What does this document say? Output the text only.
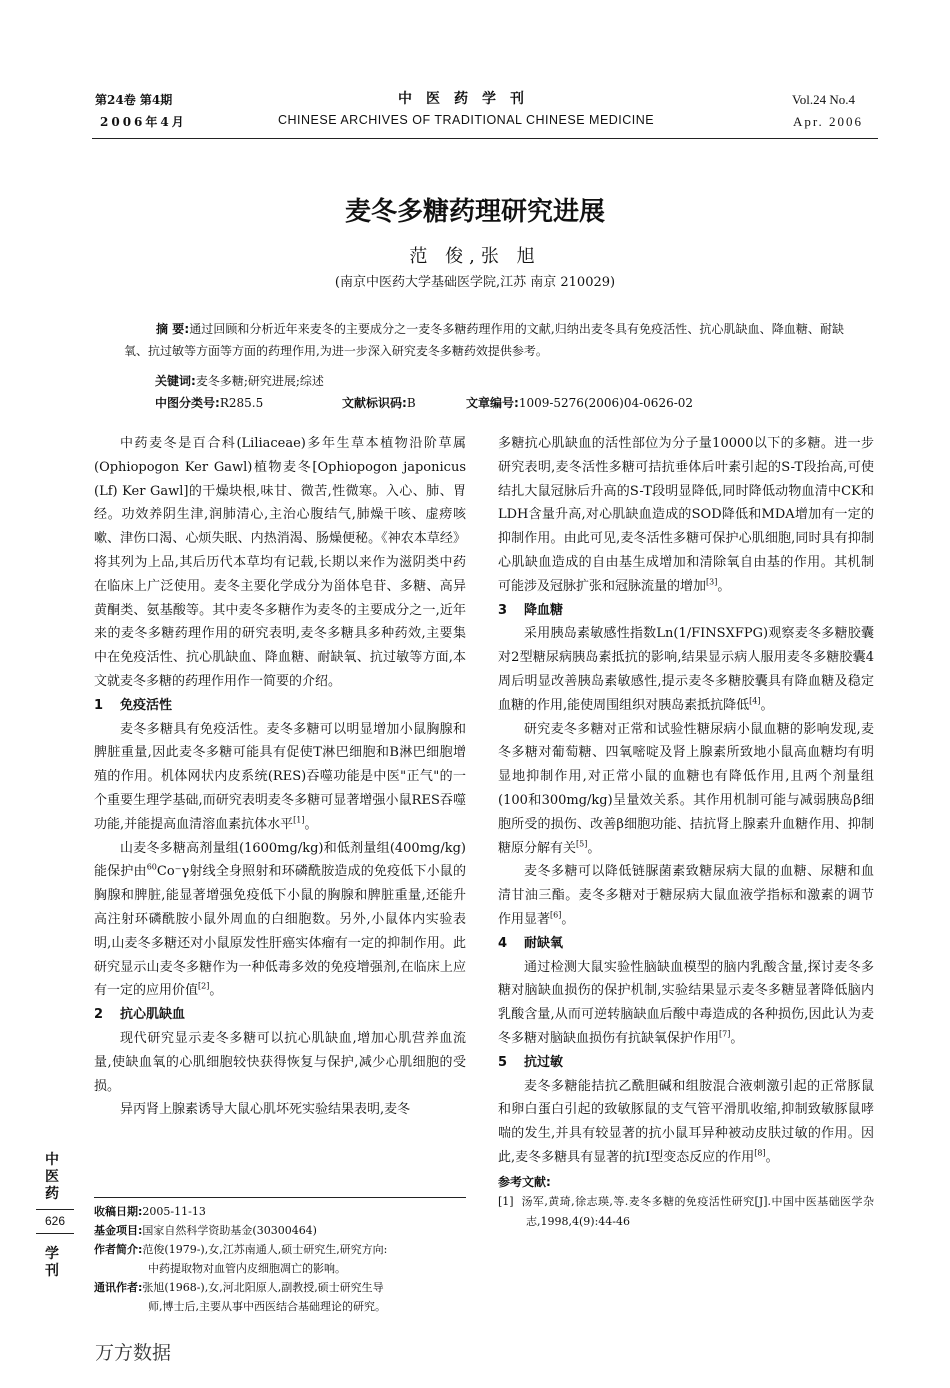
第24卷 第4期
2006年4月
中医药学刊
CHINESE ARCHIVES OF TRADITIONAL CHINESE MEDICINE
Vol.24 No.4
Apr. 2006
麦冬多糖药理研究进展
范 俊,张 旭
(南京中医药大学基础医学院,江苏 南京 210029)
摘 要:通过回顾和分析近年来麦冬的主要成分之一麦冬多糖药理作用的文献,归纳出麦冬具有免疫活性、抗心肌缺血、降血糖、耐缺氧、抗过敏等方面等方面的药理作用,为进一步深入研究麦冬多糖药效提供参考。
关键词:麦冬多糖;研究进展;综述
中图分类号:R285.5	文献标识码:B	文章编号:1009-5276(2006)04-0626-02

中药麦冬是百合科(Liliaceae)多年生草本植物沿阶草属(Ophiopogon Ker Gawl)植物麦冬[Ophiopogon japonicus (Lf) Ker Gawl]的干燥块根,味甘、微苦,性微寒。入心、肺、胃经。功效养阴生津,润肺清心,主治心腹结气,肺燥干咳、虚痨咳嗽、津伤口渴、心烦失眠、内热消渴、肠燥便秘。《神农本草经》将其列为上品,其后历代本草均有记载,长期以来作为滋阴类中药在临床上广泛使用。麦冬主要化学成分为甾体皂苷、多糖、高异黄酮类、氨基酸等。其中麦冬多糖作为麦冬的主要成分之一,近年来的麦冬多糖药理作用的研究表明,麦冬多糖具多种药效,主要集中在免疫活性、抗心肌缺血、降血糖、耐缺氧、抗过敏等方面,本文就麦冬多糖的药理作用作一简要的介绍。

1 免疫活性

麦冬多糖具有免疫活性。麦冬多糖可以明显增加小鼠胸腺和脾脏重量,因此麦冬多糖可能具有促使T淋巴细胞和B淋巴细胞增殖的作用。机体网状内皮系统(RES)吞噬功能是中医"正气"的一个重要生理学基础,而研究表明麦冬多糖可显著增强小鼠RES吞噬功能,并能提高血清溶血素抗体水平[1]。

山麦冬多糖高剂量组(1600mg/kg)和低剂量组(400mg/kg)能保护由$^{60}$Co⁻γ射线全身照射和环磷酰胺造成的免疫低下小鼠的胸腺和脾脏,能显著增强免疫低下小鼠的胸腺和脾脏重量,还能升高注射环磷酰胺小鼠外周血的白细胞数。另外,小鼠体内实验表明,山麦冬多糖还对小鼠原发性肝癌实体瘤有一定的抑制作用。此研究显示山麦冬多糖作为一种低毒多效的免疫增强剂,在临床上应有一定的应用价值[2]。

2 抗心肌缺血

现代研究显示麦冬多糖可以抗心肌缺血,增加心肌营养血流量,使缺血氧的心肌细胞较快获得恢复与保护,减少心肌细胞的受损。

异丙肾上腺素诱导大鼠心肌坏死实验结果表明,麦冬

多糖抗心肌缺血的活性部位为分子量10000以下的多糖。进一步研究表明,麦冬活性多糖可拮抗垂体后叶素引起的S-T段抬高,可使结扎大鼠冠脉后升高的S-T段明显降低,同时降低动物血清中CK和LDH含量升高,对心肌缺血造成的SOD降低和MDA增加有一定的抑制作用。由此可见,麦冬活性多糖可保护心肌细胞,同时具有抑制心肌缺血造成的自由基生成增加和清除氧自由基的作用。其机制可能涉及冠脉扩张和冠脉流量的增加[3]。

3 降血糖

采用胰岛素敏感性指数Ln(1/FINSXFPG)观察麦冬多糖胶囊对2型糖尿病胰岛素抵抗的影响,结果显示病人服用麦冬多糖胶囊4周后明显改善胰岛素敏感性,提示麦冬多糖胶囊具有降血糖及稳定血糖的作用,能使周围组织对胰岛素抵抗降低[4]。

研究麦冬多糖对正常和试验性糖尿病小鼠血糖的影响发现,麦冬多糖对葡萄糖、四氧嘧啶及肾上腺素所致地小鼠高血糖均有明显地抑制作用,对正常小鼠的血糖也有降低作用,且两个剂量组(100和300mg/kg)呈量效关系。其作用机制可能与减弱胰岛β细胞所受的损伤、改善β细胞功能、拮抗肾上腺素升血糖作用、抑制糖原分解有关[5]。

麦冬多糖可以降低链脲菌素致糖尿病大鼠的血糖、尿糖和血清甘油三酯。麦冬多糖对于糖尿病大鼠血液学指标和激素的调节作用显著[6]。

4 耐缺氧

通过检测大鼠实验性脑缺血模型的脑内乳酸含量,探讨麦冬多糖对脑缺血损伤的保护机制,实验结果显示麦冬多糖显著降低脑内乳酸含量,从而可逆转脑缺血后酸中毒造成的各种损伤,因此认为麦冬多糖对脑缺血损伤有抗缺氧保护作用[7]。

5 抗过敏

麦冬多糖能拮抗乙酰胆碱和组胺混合液刺激引起的正常豚鼠和卵白蛋白引起的致敏豚鼠的支气管平滑肌收缩,抑制致敏豚鼠哮喘的发生,并具有较显著的抗小鼠耳异种被动皮肤过敏的作用。因此,麦冬多糖具有显著的抗Ⅰ型变态反应的作用[8]。

参考文献:
[1] 汤军,黄琦,徐志瑛,等.麦冬多糖的免疫活性研究[J].中国中医基础医学杂志,1998,4(9):44-46
收稿日期:2005-11-13
基金项目:国家自然科学资助基金(30300464)
作者简介:范俊(1979-),女,江苏南通人,硕士研究生,研究方向:
中药提取物对血管内皮细胞凋亡的影响。
通讯作者:张旭(1968-),女,河北阳原人,副教授,硕士研究生导
师,博士后,主要从事中西医结合基础理论的研究。
中医药
626
学刊
万方数据
